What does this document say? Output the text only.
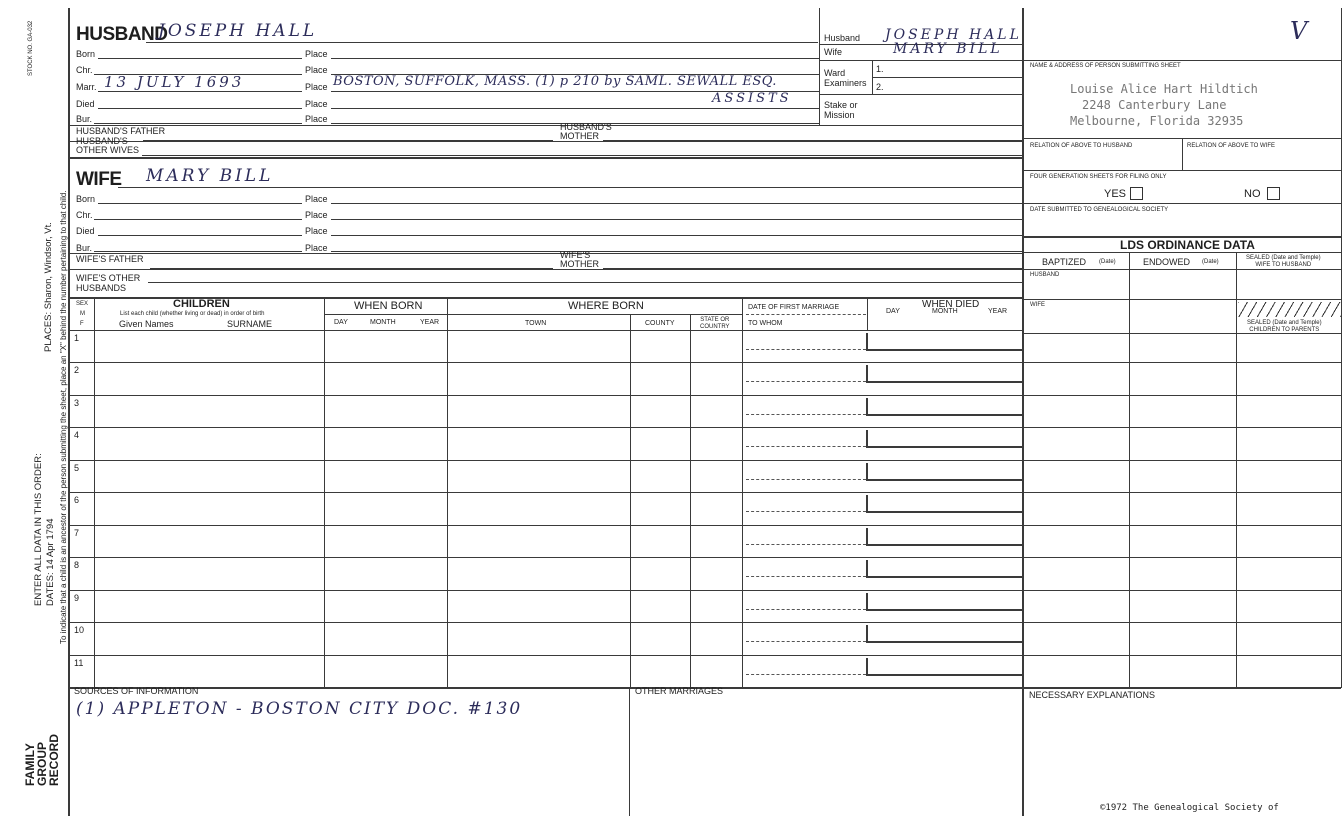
STOCK NO. GA-032
PLACES: Sharon, Windsor, Vt.
ENTER ALL DATA IN THIS ORDER: DATES: 14 Apr 1794 To indicate that a child is an ancestor of the person submitting the sheet, place an "X" behind the number pertaining to that child.
FAMILY
GROUP
RECORD
HUSBAND
JOSEPH HALL
Born	Place
Chr.	Place
Marr. 13 JULY 1693	Place BOSTON, SUFFOLK, MASS. (1) p 210 by SAML. SEWALL ESQ.
ASSISTS
Died	Place
Bur.	Place
HUSBAND'S FATHER	HUSBAND'S
MOTHER
HUSBAND'S
OTHER WIVES
WIFE MARY BILL
Born	Place
Chr.	Place
Died	Place
Bur.	Place
WIFE'S FATHER	WIFE'S
MOTHER
WIFE'S OTHER
HUSBANDS
Husband JOSEPH HALL
Wife	MARY BILL
Ward
Examiners
1.
2.
Stake or
Mission
V
NAME & ADDRESS OF PERSON SUBMITTING SHEET
Louise Alice Hart Hildtich
2248 Canterbury Lane
Melbourne, Florida 32935
RELATION OF ABOVE TO HUSBAND	RELATION OF ABOVE TO WIFE
FOUR GENERATION SHEETS FOR FILING ONLY
YES	NO
DATE SUBMITTED TO GENEALOGICAL SOCIETY
LDS ORDINANCE DATA
BAPTIZED (Date)	ENDOWED (Date)
SEALED (Date and Temple)
WIFE TO HUSBAND
HUSBAND
WIFE
SEALED (Date and Temple)
CHILDREN TO PARENTS
SEX
M
F
CHILDREN
List each child (whether living or dead) in order of birth
Given Names	SURNAME
WHEN BORN
DAY	MONTH	YEAR
WHERE BORN
TOWN	COUNTY	STATE OR
COUNTRY
DATE OF FIRST MARRIAGE
TO WHOM
WHEN DIED
DAY	MONTH	YEAR
1
2
3
4
5
6
7
8
9
10
11
SOURCES OF INFORMATION
(1) APPLETON - BOSTON CITY DOC. #130
OTHER MARRIAGES	NECESSARY EXPLANATIONS
©1972 The Genealogical Society of
